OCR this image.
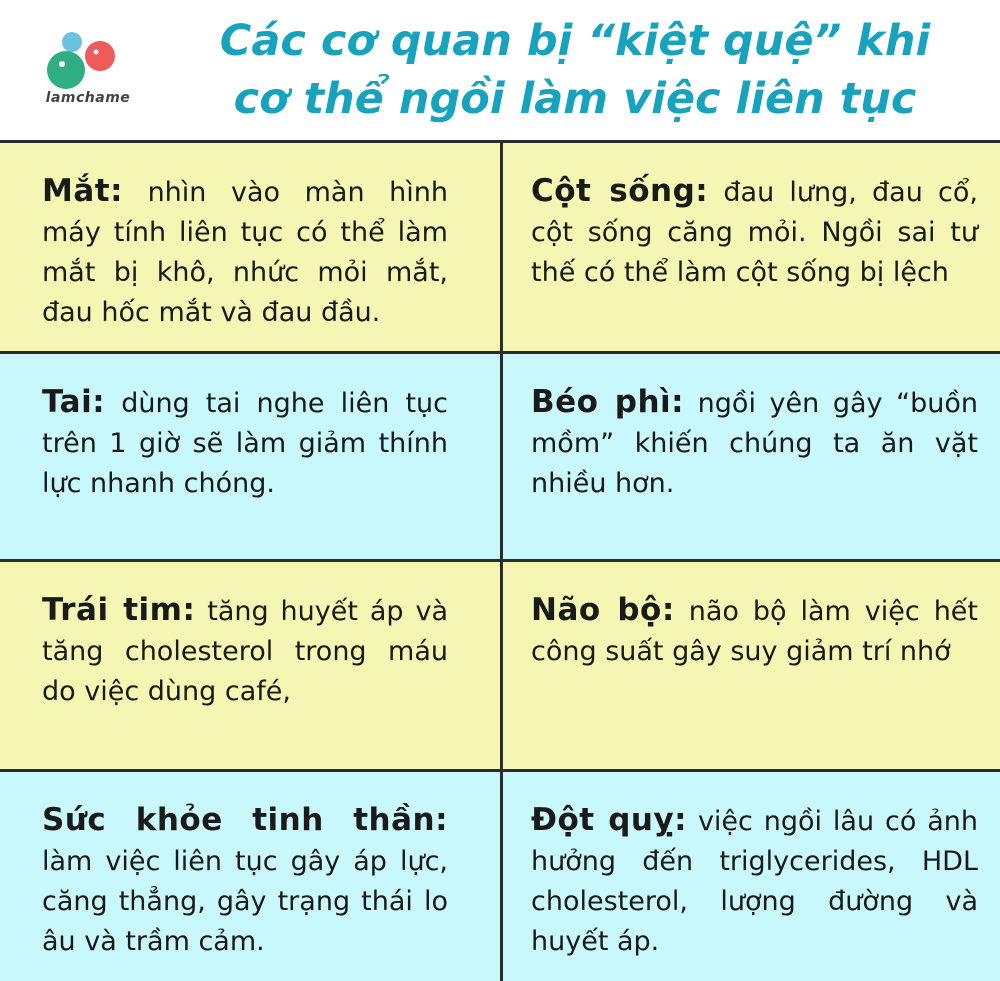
lamchame
Các cơ quan bị “kiệt quệ” khi
cơ thể ngồi làm việc liên tục
Mắt: nhìn vào màn hình máy tính liên tục có thể làm mắt bị khô, nhức mỏi mắt, đau hốc mắt và đau đầu.
Cột sống: đau lưng, đau cổ, cột sống căng mỏi. Ngồi sai tư thế có thể làm cột sống bị lệch
Tai: dùng tai nghe liên tục trên 1 giờ sẽ làm giảm thính lực nhanh chóng.
Béo phì: ngồi yên gây “buồn mồm” khiến chúng ta ăn vặt nhiều hơn.
Trái tim: tăng huyết áp và tăng cholesterol trong máu do việc dùng café,
Não bộ: não bộ làm việc hết công suất gây suy giảm trí nhớ
Sức khỏe tinh thần: làm việc liên tục gây áp lực, căng thẳng, gây trạng thái lo âu và trầm cảm.
Đột quỵ: việc ngồi lâu có ảnh hưởng đến triglycerides, HDL cholesterol, lượng đường và huyết áp.
